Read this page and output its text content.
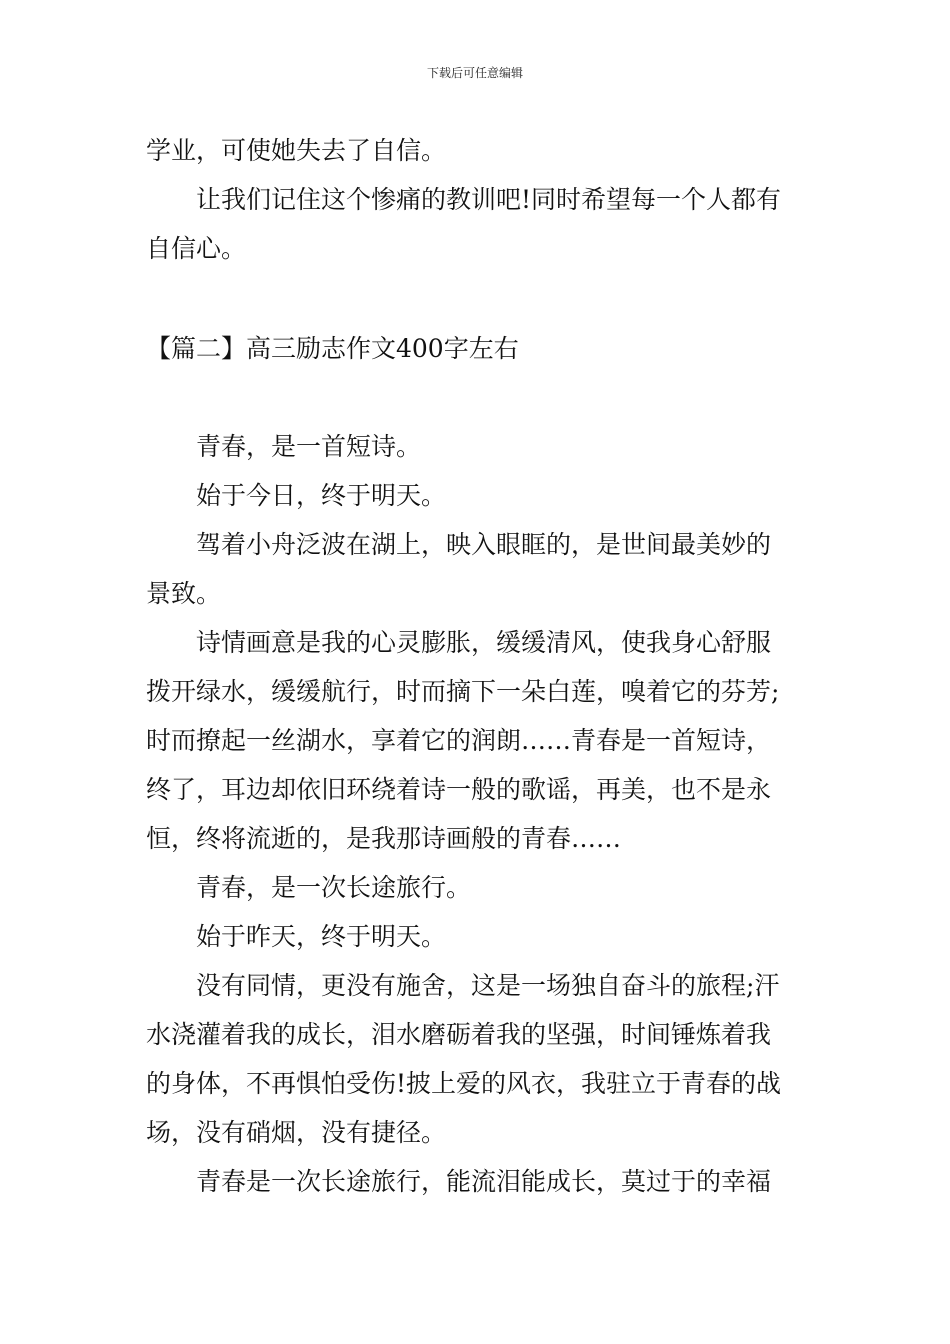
下载后可任意编辑
学业，可使她失去了自信。
让我们记住这个惨痛的教训吧!同时希望每一个人都有
自信心。
【篇二】高三励志作文400字左右
青春，是一首短诗。
始于今日，终于明天。
驾着小舟泛波在湖上，映入眼眶的，是世间最美妙的
景致。
诗情画意是我的心灵膨胀，缓缓清风，使我身心舒服
拨开绿水，缓缓航行，时而摘下一朵白莲，嗅着它的芬芳;
时而撩起一丝湖水，享着它的润朗……青春是一首短诗，
终了，耳边却依旧环绕着诗一般的歌谣，再美，也不是永
恒，终将流逝的，是我那诗画般的青春……
青春，是一次长途旅行。
始于昨天，终于明天。
没有同情，更没有施舍，这是一场独自奋斗的旅程;汗
水浇灌着我的成长，泪水磨砺着我的坚强，时间锤炼着我
的身体，不再惧怕受伤!披上爱的风衣，我驻立于青春的战
场，没有硝烟，没有捷径。
青春是一次长途旅行，能流泪能成长，莫过于的幸福
